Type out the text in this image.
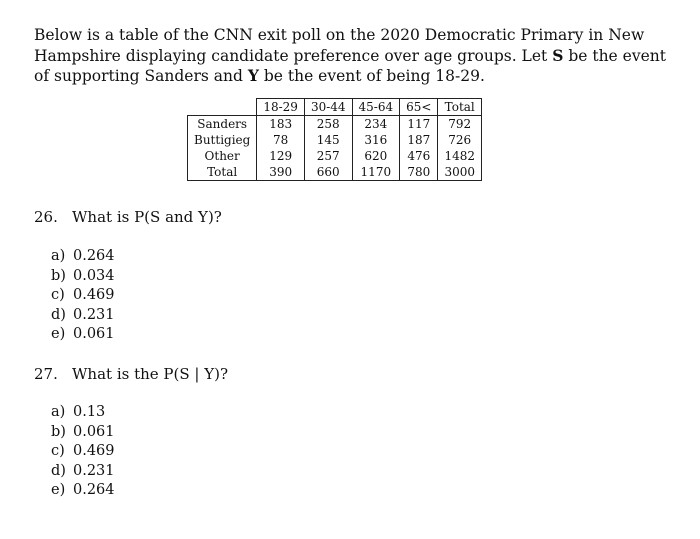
Below is a table of the CNN exit poll on the 2020 Democratic Primary in New Hampshire displaying candidate preference over age groups. Let S be the event of supporting Sanders and Y be the event of being 18-29.

	18-29	30-44	45-64	65<	Total
Sanders	183	258	234	117	792
Buttigieg	78	145	316	187	726
Other	129	257	620	476	1482
Total	390	660	1170	780	3000
26. What is P(S and Y)?
a) 0.264
b) 0.034
c) 0.469
d) 0.231
e) 0.061
27. What is the P(S | Y)?
a) 0.13
b) 0.061
c) 0.469
d) 0.231
e) 0.264
